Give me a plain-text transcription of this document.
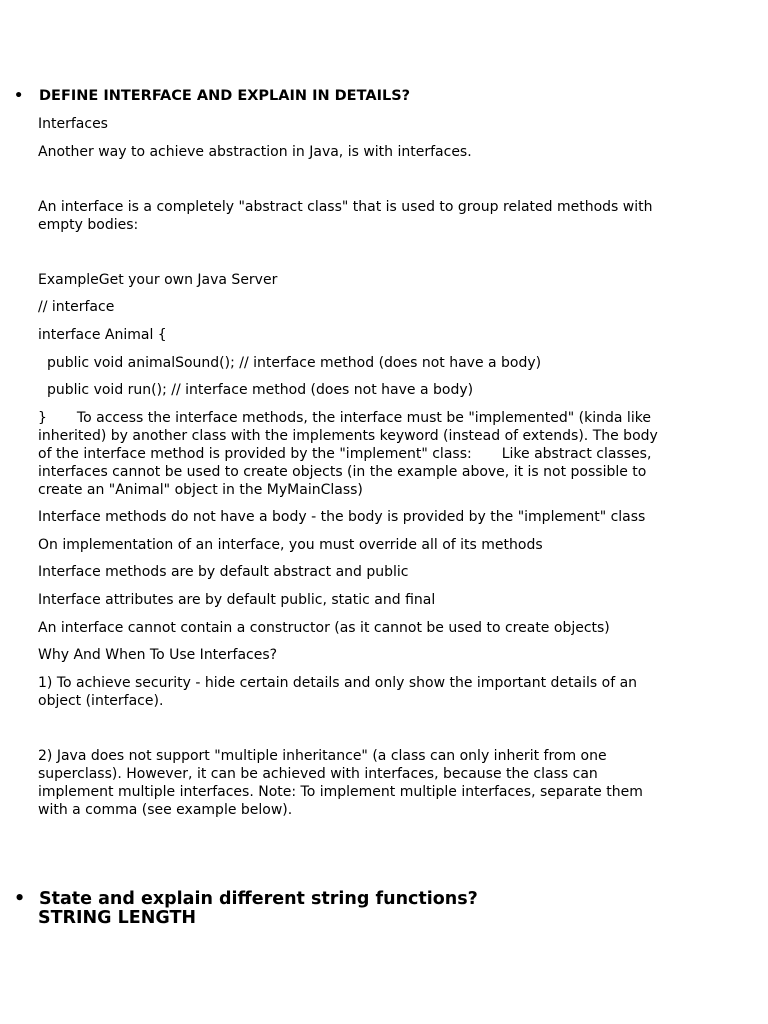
• DEFINE INTERFACE AND EXPLAIN IN DETAILS?
Interfaces
Another way to achieve abstraction in Java, is with interfaces.
An interface is a completely "abstract class" that is used to group related methods with empty bodies:
ExampleGet your own Java Server
// interface
interface Animal {
public void animalSound(); // interface method (does not have a body)
public void run(); // interface method (does not have a body)
} To access the interface methods, the interface must be "implemented" (kinda like inherited) by another class with the implements keyword (instead of extends). The body of the interface method is provided by the "implement" class: Like abstract classes, interfaces cannot be used to create objects (in the example above, it is not possible to create an "Animal" object in the MyMainClass)
Interface methods do not have a body - the body is provided by the "implement" class
On implementation of an interface, you must override all of its methods
Interface methods are by default abstract and public
Interface attributes are by default public, static and final
An interface cannot contain a constructor (as it cannot be used to create objects)
Why And When To Use Interfaces?
1) To achieve security - hide certain details and only show the important details of an object (interface).
2) Java does not support "multiple inheritance" (a class can only inherit from one superclass). However, it can be achieved with interfaces, because the class can implement multiple interfaces. Note: To implement multiple interfaces, separate them with a comma (see example below).
• State and explain different string functions?
STRING LENGTH
